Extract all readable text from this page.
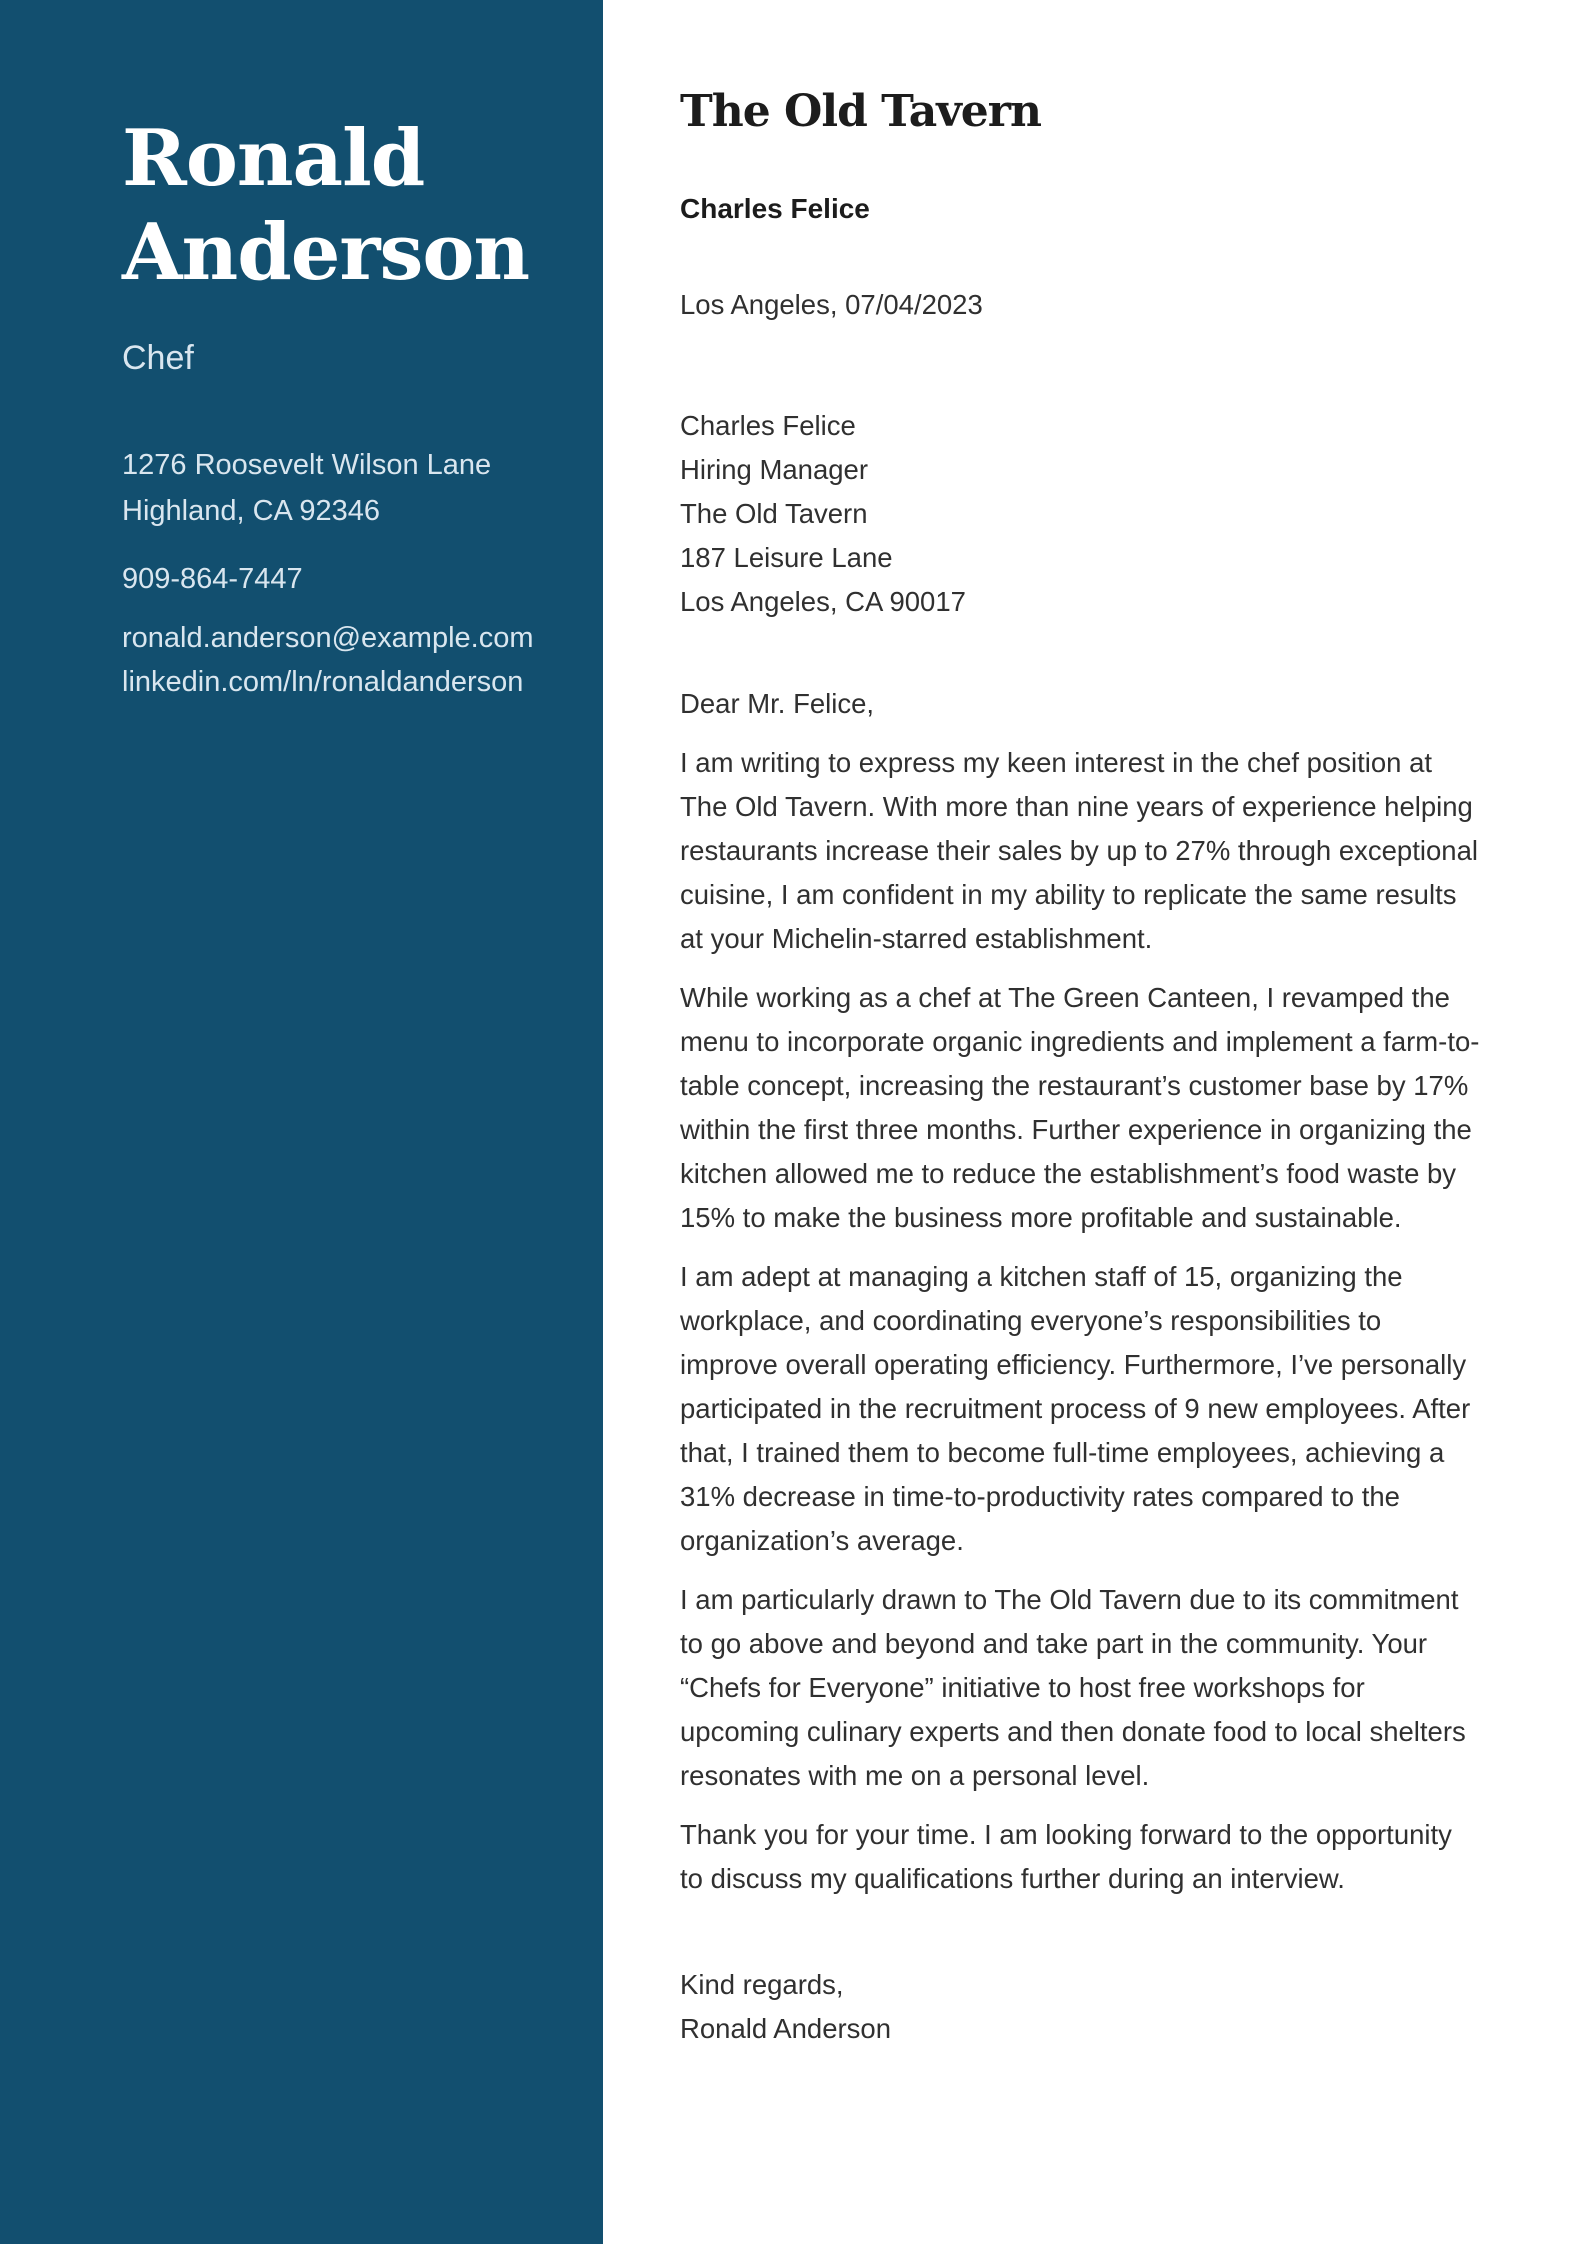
Ronald
Anderson
Chef
1276 Roosevelt Wilson Lane
Highland, CA 92346
909-864-7447
ronald.anderson@example.com
linkedin.com/ln/ronaldanderson
The Old Tavern
Charles Felice
Los Angeles, 07/04/2023
Charles Felice
Hiring Manager
The Old Tavern
187 Leisure Lane
Los Angeles, CA 90017

Dear Mr. Felice,

I am writing to express my keen interest in the chef position at The Old Tavern. With more than nine years of experience helping restaurants increase their sales by up to 27% through exceptional cuisine, I am confident in my ability to replicate the same results at your Michelin-starred establishment.

While working as a chef at The Green Canteen, I revamped the menu to incorporate organic ingredients and implement a farm-to-table concept, increasing the restaurant’s customer base by 17% within the first three months. Further experience in organizing the kitchen allowed me to reduce the establishment’s food waste by 15% to make the business more profitable and sustainable.

I am adept at managing a kitchen staff of 15, organizing the workplace, and coordinating everyone’s responsibilities to improve overall operating efficiency. Furthermore, I’ve personally participated in the recruitment process of 9 new employees. After that, I trained them to become full-time employees, achieving a 31% decrease in time-to-productivity rates compared to the organization’s average.

I am particularly drawn to The Old Tavern due to its commitment to go above and beyond and take part in the community. Your “Chefs for Everyone” initiative to host free workshops for upcoming culinary experts and then donate food to local shelters resonates with me on a personal level.

Thank you for your time. I am looking forward to the opportunity to discuss my qualifications further during an interview.

Kind regards,
Ronald Anderson
